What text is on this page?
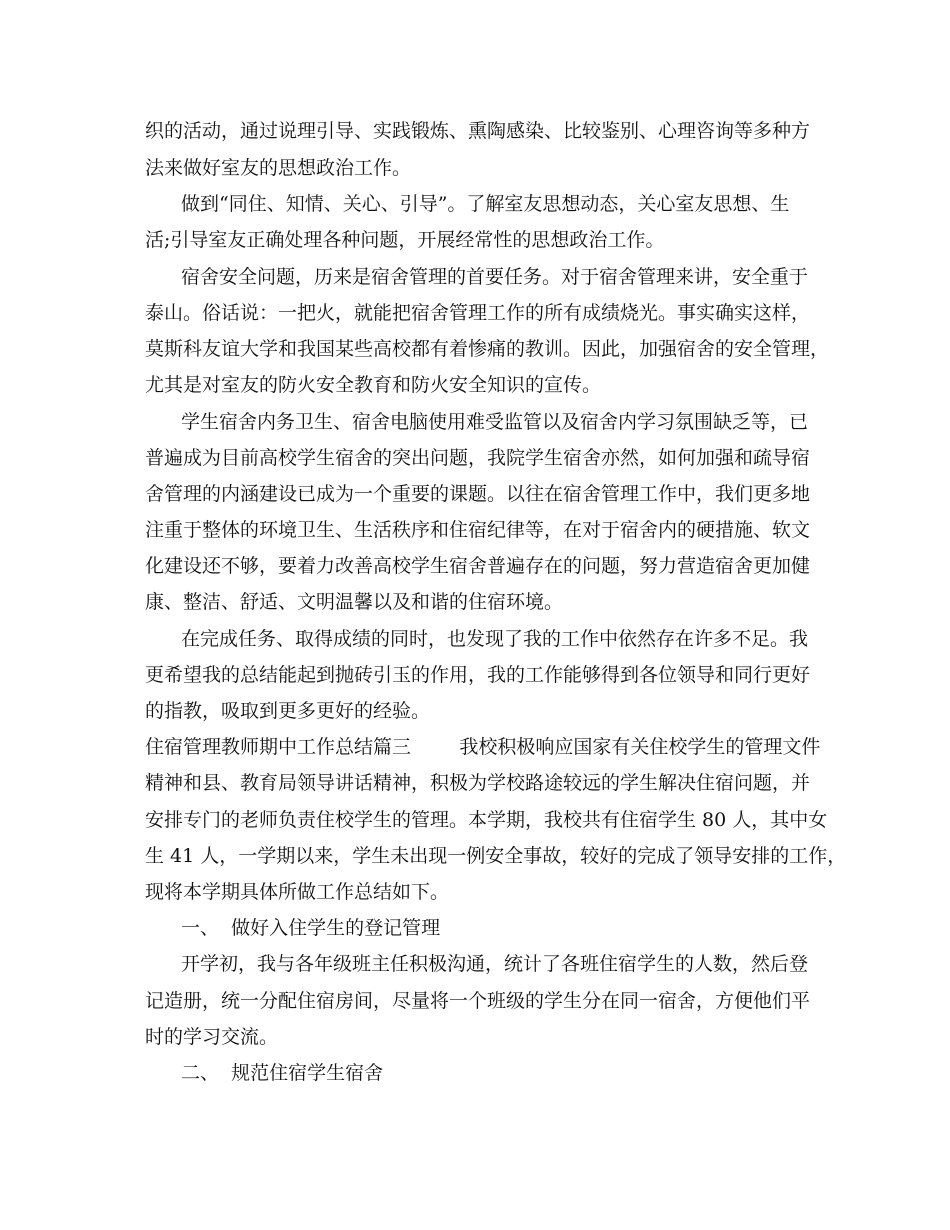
织的活动，通过说理引导、实践锻炼、熏陶感染、比较鉴别、心理咨询等多种方
法来做好室友的思想政治工作。
做到“同住、知情、关心、引导”。了解室友思想动态，关心室友思想、生
活;引导室友正确处理各种问题，开展经常性的思想政治工作。
宿舍安全问题，历来是宿舍管理的首要任务。对于宿舍管理来讲，安全重于
泰山。俗话说：一把火，就能把宿舍管理工作的所有成绩烧光。事实确实这样，
莫斯科友谊大学和我国某些高校都有着惨痛的教训。因此，加强宿舍的安全管理，
尤其是对室友的防火安全教育和防火安全知识的宣传。
学生宿舍内务卫生、宿舍电脑使用难受监管以及宿舍内学习氛围缺乏等，已
普遍成为目前高校学生宿舍的突出问题，我院学生宿舍亦然，如何加强和疏导宿
舍管理的内涵建设已成为一个重要的课题。以往在宿舍管理工作中，我们更多地
注重于整体的环境卫生、生活秩序和住宿纪律等，在对于宿舍内的硬措施、软文
化建设还不够，要着力改善高校学生宿舍普遍存在的问题，努力营造宿舍更加健
康、整洁、舒适、文明温馨以及和谐的住宿环境。
在完成任务、取得成绩的同时，也发现了我的工作中依然存在许多不足。我
更希望我的总结能起到抛砖引玉的作用，我的工作能够得到各位领导和同行更好
的指教，吸取到更多更好的经验。
住宿管理教师期中工作总结篇三        我校积极响应国家有关住校学生的管理文件
精神和县、教育局领导讲话精神，积极为学校路途较远的学生解决住宿问题，并
安排专门的老师负责住校学生的管理。本学期，我校共有住宿学生 80 人，其中女
生 41 人，一学期以来，学生未出现一例安全事故，较好的完成了领导安排的工作，
现将本学期具体所做工作总结如下。
一、  做好入住学生的登记管理
开学初，我与各年级班主任积极沟通，统计了各班住宿学生的人数，然后登
记造册，统一分配住宿房间，尽量将一个班级的学生分在同一宿舍，方便他们平
时的学习交流。
二、  规范住宿学生宿舍
